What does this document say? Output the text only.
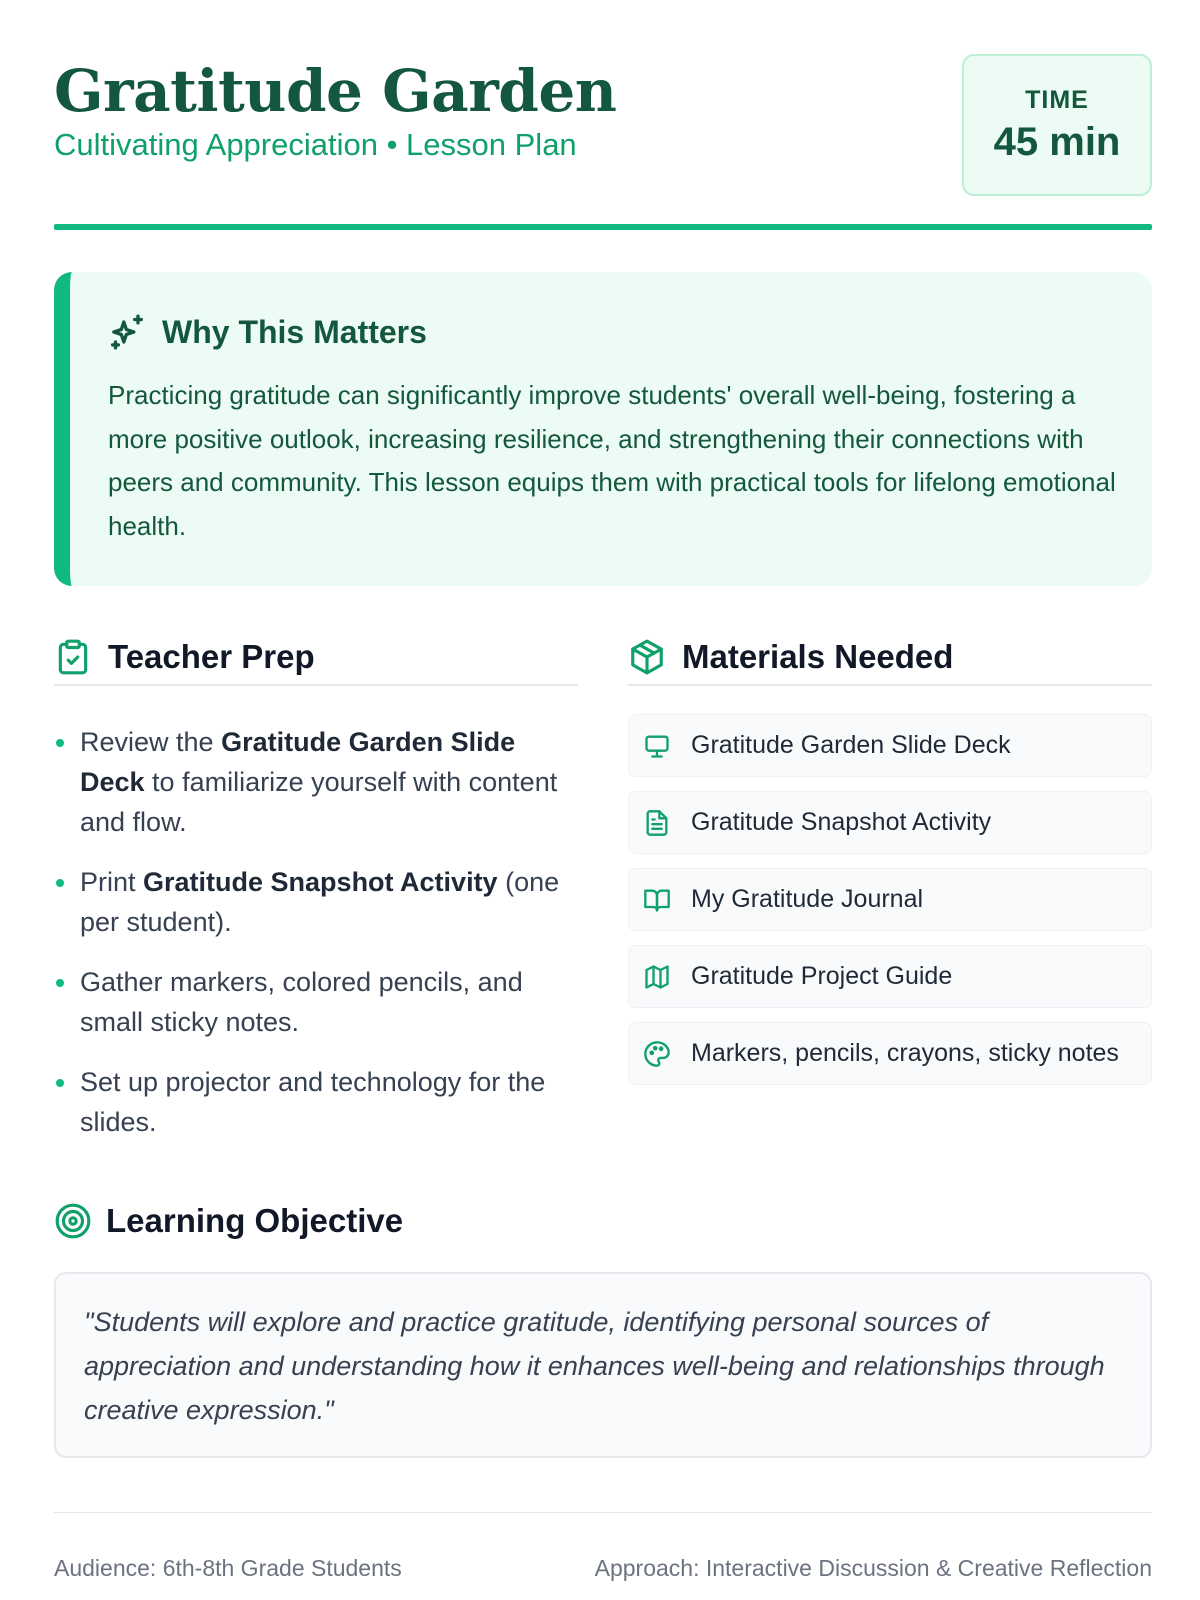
Gratitude Garden
Cultivating Appreciation • Lesson Plan
TIME
45 min
Why This Matters
Practicing gratitude can significantly improve students' overall well-being, fostering a more positive outlook, increasing resilience, and strengthening their connections with peers and community. This lesson equips them with practical tools for lifelong emotional health.
Teacher Prep
Review the Gratitude Garden Slide Deck to familiarize yourself with content and flow.
Print Gratitude Snapshot Activity (one per student).
Gather markers, colored pencils, and small sticky notes.
Set up projector and technology for the slides.
Materials Needed
Gratitude Garden Slide Deck
Gratitude Snapshot Activity
My Gratitude Journal
Gratitude Project Guide
Markers, pencils, crayons, sticky notes
Learning Objective
"Students will explore and practice gratitude, identifying personal sources of appreciation and understanding how it enhances well-being and relationships through creative expression."
Audience: 6th-8th Grade Students	Approach: Interactive Discussion & Creative Reflection
